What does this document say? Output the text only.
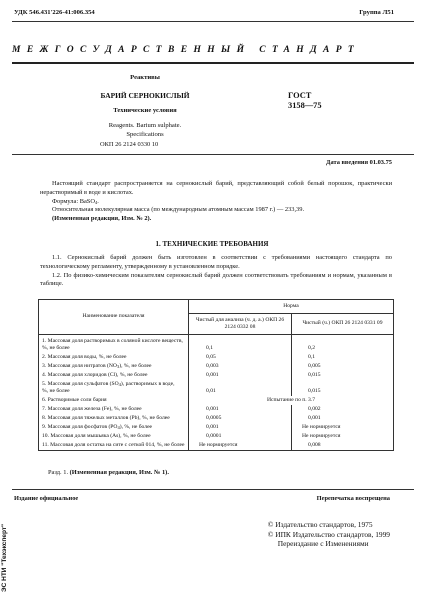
УДК 546.431'226-41:006.354	Группа Л51
МЕЖГОСУДАРСТВЕННЫЙ СТАНДАРТ
Реактивы
БАРИЙ СЕРНОКИСЛЫЙ
Технические условия
Reagents. Barium sulphate.
Specifications
ГОСТ
3158—75
ОКП 26 2124 0330 10
Дата введения 01.03.75
Настоящий стандарт распространяется на сернокислый барий, представляющий собой белый порошок, практически нерастворимый в воде и кислотах.
Формула: BaSO$_4$.
Относительная молекулярная масса (по международным атомным массам 1987 г.) — 233,39.
(Измененная редакция, Изм. № 2).
1. ТЕХНИЧЕСКИЕ ТРЕБОВАНИЯ
1.1. Сернокислый барий должен быть изготовлен в соответствии с требованиями настоящего стандарта по технологическому регламенту, утвержденному в установленном порядке.
1.2. По физико-химическим показателям сернокислый барий должен соответствовать требованиям и нормам, указанным в таблице.
Наименование показателя	Норма	
	Чистый для анализа (ч. д. а.) ОКП 26 2124 0332 08	Чистый (ч.) ОКП 26 2124 0331 09

1. Массовая доля растворимых в соляной кислоте веществ,
%, не более	0,1	0,2
2. Массовая доля воды, %, не более	0,05	0,1
3. Массовая доля нитратов $(NO_3)$, %, не более	0,003	0,005
4. Массовая доля хлоридов (Cl), %, не более	0,001	0,015

5. Массовая доля сульфатов $(SO_4)$, растворимых в воде,
%, не более	0,01	0,015
6. Растворимые соли бария	Испытание по п. 3.7	
7. Массовая доля железа (Fe), %, не более	0,001	0,002
8. Массовая доля тяжелых металлов (Pb), %, не более	0,0005	0,001
9. Массовая доля фосфатов $(PO_4)$, %, не более	0,001	Не нормируется
10. Массовая доля мышьяка (As), %, не более	0,0001	Не нормируется
11. Массовая доля остатка на сите с сеткой 014, %, не более	Не нормируется	0,008
Разд. 1. (Измененная редакция, Изм. № 1).
Издание официальное	Перепечатка воспрещена
© Издательство стандартов, 1975
© ИПК Издательство стандартов, 1999
Переиздание с Изменениями
ЭС НТИ "Техэксперт"
